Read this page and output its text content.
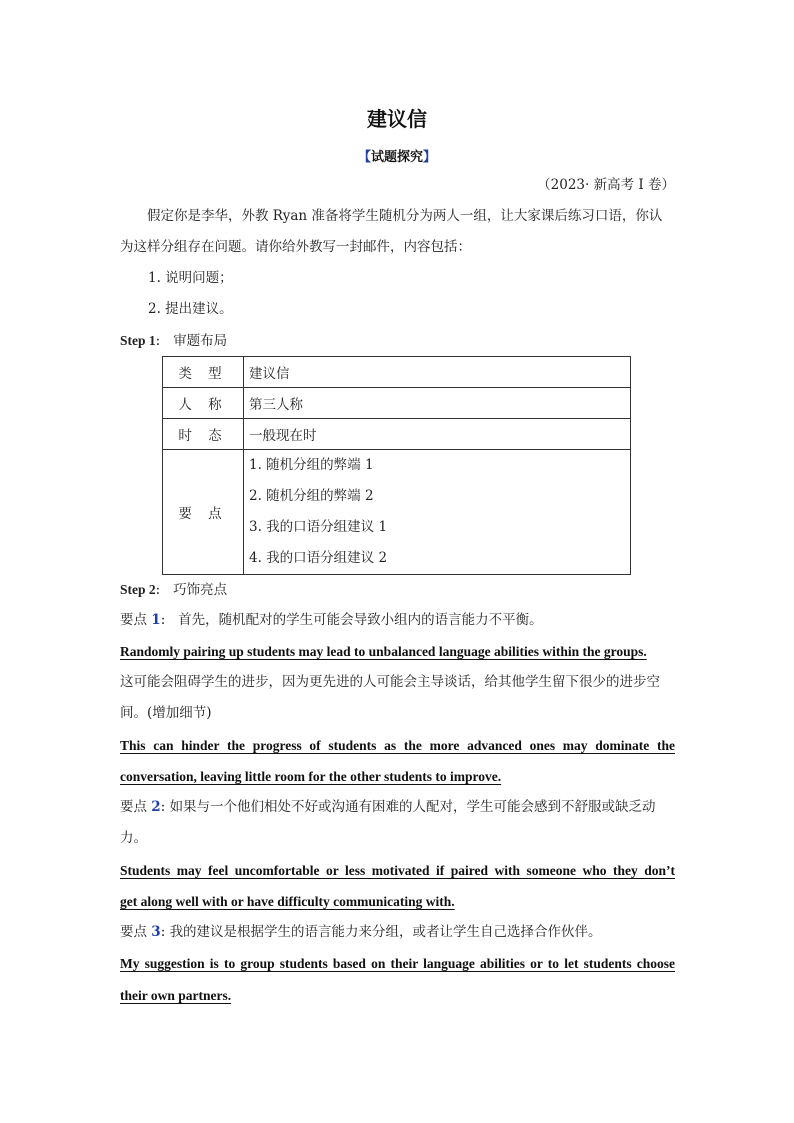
建议信
【试题探究】
（2023· 新高考 I 卷）
假定你是李华，外教 Ryan 准备将学生随机分为两人一组，让大家课后练习口语，你认
为这样分组存在问题。请你给外教写一封邮件，内容包括：
1. 说明问题；
2. 提出建议。
Step 1: 审题布局
类 型	建议信
人 称	第三人称
时 态	一般现在时
要 点	1. 随机分组的弊端 1
2. 随机分组的弊端 2
3. 我的口语分组建议 1
4. 我的口语分组建议 2
Step 2: 巧饰亮点
要点 1: 首先，随机配对的学生可能会导致小组内的语言能力不平衡。
Randomly pairing up students may lead to unbalanced language abilities within the groups.
这可能会阻碍学生的进步，因为更先进的人可能会主导谈话，给其他学生留下很少的进步空
间。(增加细节)
This can hinder the progress of students as the more advanced ones may dominate the
conversation, leaving little room for the other students to improve.
要点 2: 如果与一个他们相处不好或沟通有困难的人配对，学生可能会感到不舒服或缺乏动
力。
Students may feel uncomfortable or less motivated if paired with someone who they don’t
get along well with or have difficulty communicating with.
要点 3: 我的建议是根据学生的语言能力来分组，或者让学生自己选择合作伙伴。
My suggestion is to group students based on their language abilities or to let students choose
their own partners.
